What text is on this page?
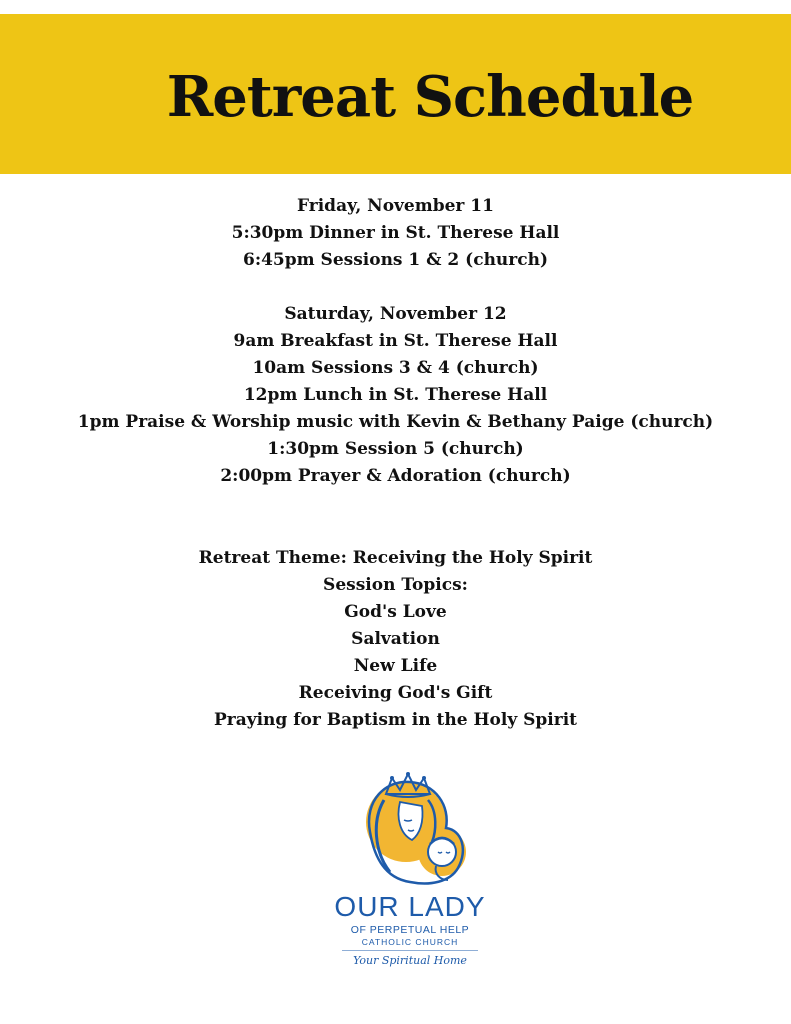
Retreat Schedule
Friday, November 11
5:30pm Dinner in St. Therese Hall
6:45pm Sessions 1 & 2 (church)
Saturday, November 12
9am Breakfast in St. Therese Hall
10am Sessions 3 & 4 (church)
12pm Lunch in St. Therese Hall
1pm Praise & Worship music with Kevin & Bethany Paige (church)
1:30pm Session 5 (church)
2:00pm Prayer & Adoration (church)
Retreat Theme: Receiving the Holy Spirit
Session Topics:
God's Love
Salvation
New Life
Receiving God's Gift
Praying for Baptism in the Holy Spirit
OUR LADY
OF PERPETUAL HELP
CATHOLIC CHURCH
Your Spiritual Home
